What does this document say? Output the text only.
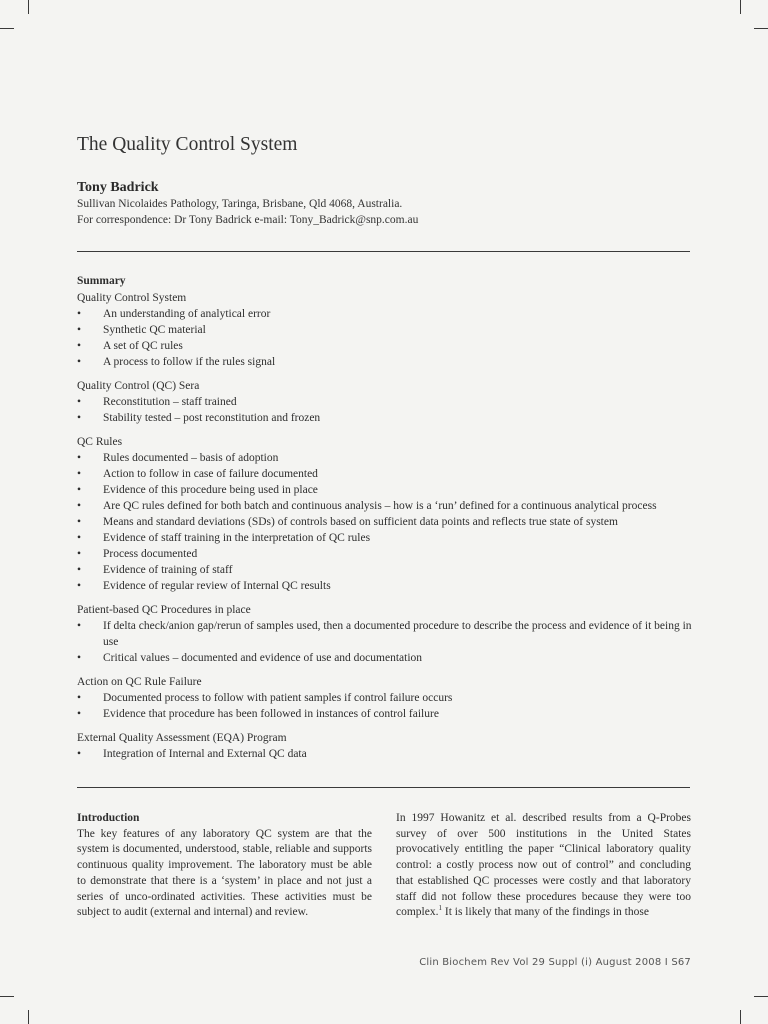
The Quality Control System
Tony Badrick
Sullivan Nicolaides Pathology, Taringa, Brisbane, Qld 4068, Australia.
For correspondence: Dr Tony Badrick e-mail: Tony_Badrick@snp.com.au
Summary
Quality Control System
• An understanding of analytical error
• Synthetic QC material
• A set of QC rules
• A process to follow if the rules signal
Quality Control (QC) Sera
• Reconstitution – staff trained
• Stability tested – post reconstitution and frozen
QC Rules
• Rules documented – basis of adoption
• Action to follow in case of failure documented
• Evidence of this procedure being used in place
• Are QC rules defined for both batch and continuous analysis – how is a ‘run’ defined for a continuous analytical process
• Means and standard deviations (SDs) of controls based on sufficient data points and reflects true state of system
• Evidence of staff training in the interpretation of QC rules
• Process documented
• Evidence of training of staff
• Evidence of regular review of Internal QC results
Patient-based QC Procedures in place
• If delta check/anion gap/rerun of samples used, then a documented procedure to describe the process and evidence of it being in use
• Critical values – documented and evidence of use and documentation
Action on QC Rule Failure
• Documented process to follow with patient samples if control failure occurs
• Evidence that procedure has been followed in instances of control failure
External Quality Assessment (EQA) Program
• Integration of Internal and External QC data
Introduction
The key features of any laboratory QC system are that the system is documented, understood, stable, reliable and supports continuous quality improvement. The laboratory must be able to demonstrate that there is a ‘system’ in place and not just a series of unco-ordinated activities. These activities must be subject to audit (external and internal) and review.
In 1997 Howanitz et al. described results from a Q-Probes survey of over 500 institutions in the United States provocatively entitling the paper “Clinical laboratory quality control: a costly process now out of control” and concluding that established QC processes were costly and that laboratory staff did not follow these procedures because they were too complex.$^1$ It is likely that many of the findings in those
Clin Biochem Rev Vol 29 Suppl (i) August 2008 I S67
